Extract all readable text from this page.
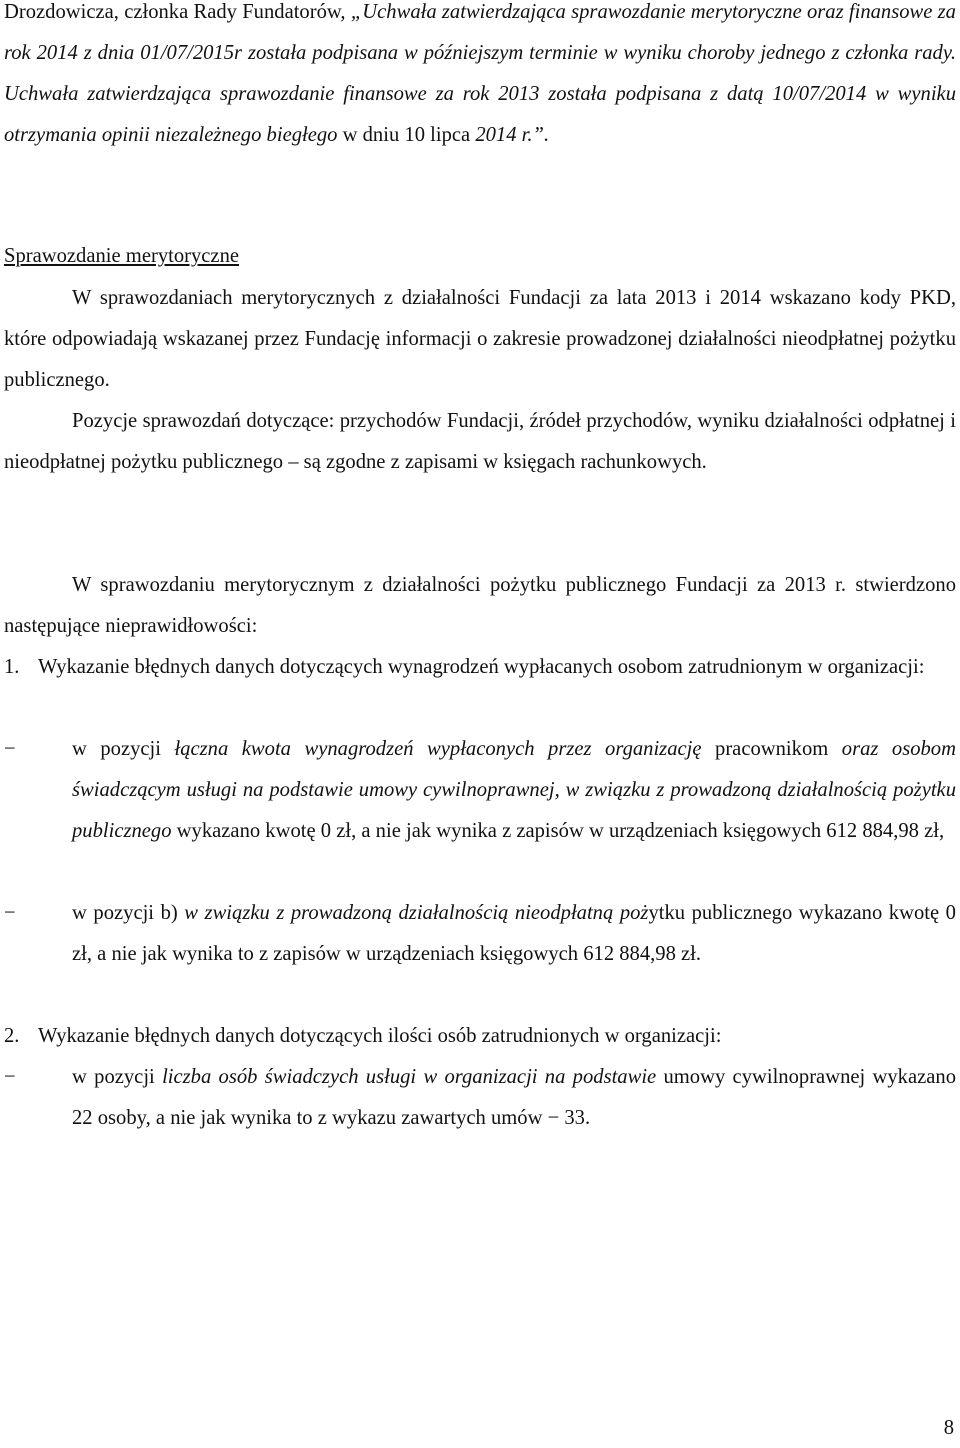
Drozdowicza, członka Rady Fundatorów, „Uchwała zatwierdzająca sprawozdanie merytoryczne oraz finansowe za rok 2014 z dnia 01/07/2015r została podpisana w późniejszym terminie w wyniku choroby jednego z członka rady. Uchwała zatwierdzająca sprawozdanie finansowe za rok 2013 została podpisana z datą 10/07/2014 w wyniku otrzymania opinii niezależnego biegłego w dniu 10 lipca 2014 r.”.

Sprawozdanie merytoryczne

W sprawozdaniach merytorycznych z działalności Fundacji za lata 2013 i 2014 wskazano kody PKD, które odpowiadają wskazanej przez Fundację informacji o zakresie prowadzonej działalności nieodpłatnej pożytku publicznego.

Pozycje sprawozdań dotyczące: przychodów Fundacji, źródeł przychodów, wyniku działalności odpłatnej i nieodpłatnej pożytku publicznego – są zgodne z zapisami w księgach rachunkowych.

W sprawozdaniu merytorycznym z działalności pożytku publicznego Fundacji za 2013 r. stwierdzono następujące nieprawidłowości:

1. Wykazanie błędnych danych dotyczących wynagrodzeń wypłacanych osobom zatrudnionym w organizacji:
−	w pozycji łączna kwota wynagrodzeń wypłaconych przez organizację pracownikom oraz osobom świadczącym usługi na podstawie umowy cywilnoprawnej, w związku z prowadzoną działalnością pożytku publicznego wykazano kwotę 0 zł, a nie jak wynika z zapisów w urządzeniach księgowych 612 884,98 zł,
−	w pozycji b) w związku z prowadzoną działalnością nieodpłatną pożytku publicznego wykazano kwotę 0 zł, a nie jak wynika to z zapisów w urządzeniach księgowych 612 884,98 zł.
2. Wykazanie błędnych danych dotyczących ilości osób zatrudnionych w organizacji:
−	w pozycji liczba osób świadczych usługi w organizacji na podstawie umowy cywilnoprawnej wykazano 22 osoby, a nie jak wynika to z wykazu zawartych umów − 33.
8
